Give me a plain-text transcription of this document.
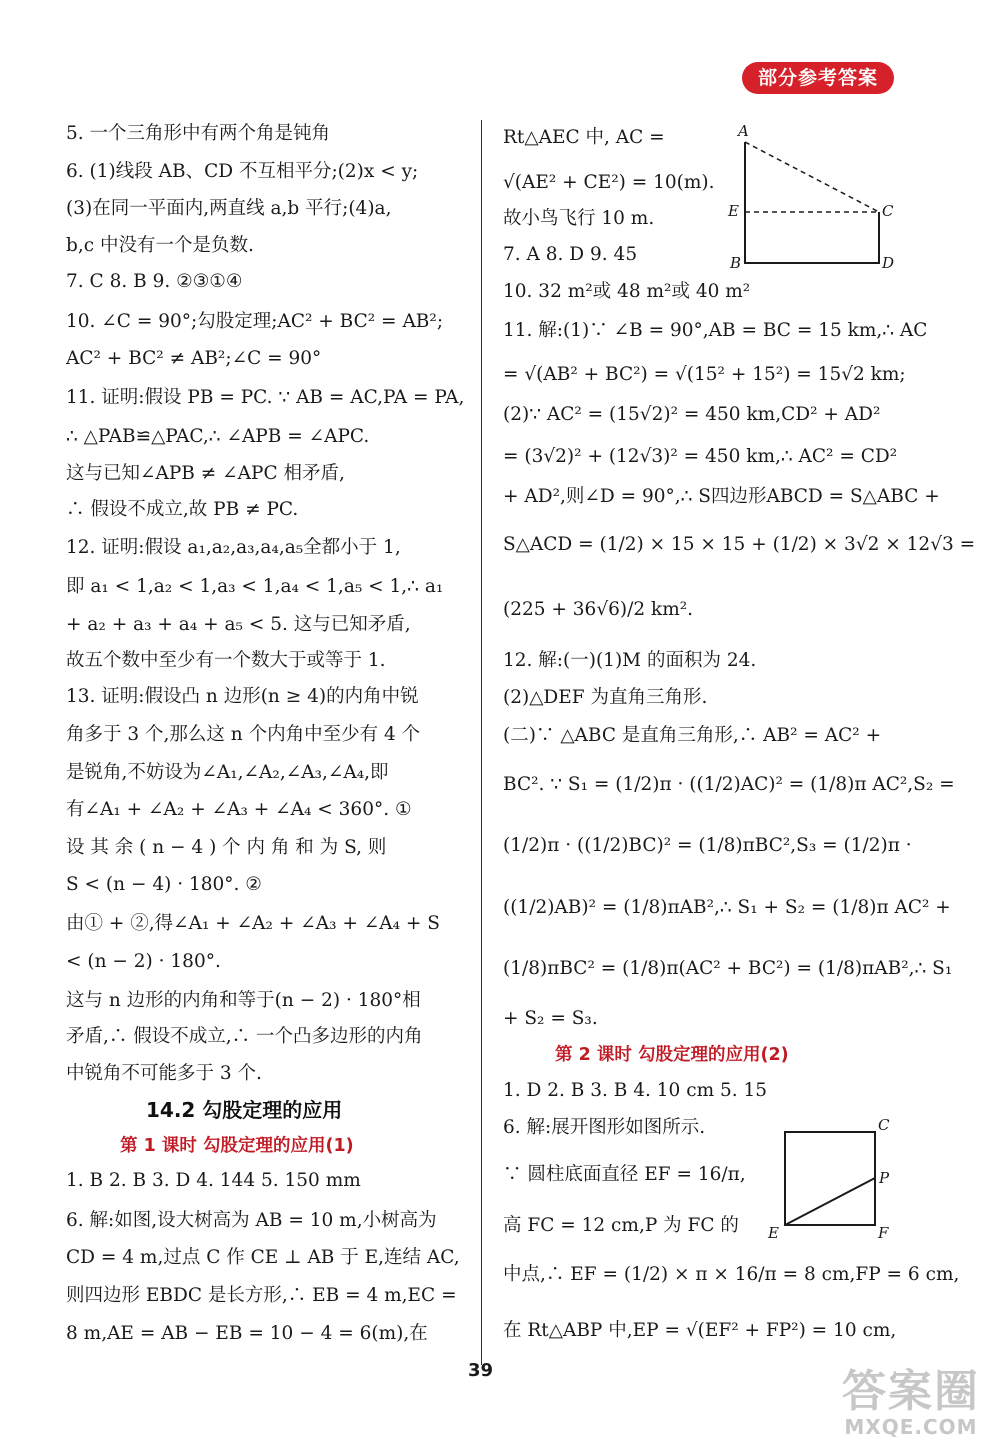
部分参考答案
5. 一个三角形中有两个角是钝角
6. (1)线段 AB、CD 不互相平分;(2)x < y;
(3)在同一平面内,两直线 a,b 平行;(4)a,
b,c 中没有一个是负数.
7. C 8. B 9. ②③①④
10. ∠C = 90°;勾股定理;AC² + BC² = AB²;
AC² + BC² ≠ AB²;∠C = 90°
11. 证明:假设 PB = PC. ∵ AB = AC,PA = PA,
∴ △PAB≌△PAC,∴ ∠APB = ∠APC.
这与已知∠APB ≠ ∠APC 相矛盾,
∴ 假设不成立,故 PB ≠ PC.
12. 证明:假设 a₁,a₂,a₃,a₄,a₅全都小于 1,
即 a₁ < 1,a₂ < 1,a₃ < 1,a₄ < 1,a₅ < 1,∴ a₁
+ a₂ + a₃ + a₄ + a₅ < 5. 这与已知矛盾,
故五个数中至少有一个数大于或等于 1.
13. 证明:假设凸 n 边形(n ≥ 4)的内角中锐
角多于 3 个,那么这 n 个内角中至少有 4 个
是锐角,不妨设为∠A₁,∠A₂,∠A₃,∠A₄,即
有∠A₁ + ∠A₂ + ∠A₃ + ∠A₄ < 360°. ①
设 其 余 ( n − 4 ) 个 内 角 和 为 S, 则
S < (n − 4) · 180°. ②
由① + ②,得∠A₁ + ∠A₂ + ∠A₃ + ∠A₄ + S
< (n − 2) · 180°.
这与 n 边形的内角和等于(n − 2) · 180°相
矛盾,∴ 假设不成立,∴ 一个凸多边形的内角
中锐角不可能多于 3 个.
14.2 勾股定理的应用
第 1 课时 勾股定理的应用(1)
1. B 2. B 3. D 4. 144 5. 150 mm
6. 解:如图,设大树高为 AB = 10 m,小树高为
CD = 4 m,过点 C 作 CE ⊥ AB 于 E,连结 AC,
则四边形 EBDC 是长方形,∴ EB = 4 m,EC =
8 m,AE = AB − EB = 10 − 4 = 6(m),在
Rt△AEC 中, AC =
√(AE² + CE²) = 10(m).
故小鸟飞行 10 m.
7. A 8. D 9. 45
10. 32 m²或 48 m²或 40 m²
11. 解:(1)∵ ∠B = 90°,AB = BC = 15 km,∴ AC
= √(AB² + BC²) = √(15² + 15²) = 15√2 km;
(2)∵ AC² = (15√2)² = 450 km,CD² + AD²
= (3√2)² + (12√3)² = 450 km,∴ AC² = CD²
+ AD²,则∠D = 90°,∴ S四边形ABCD = S△ABC +
S△ACD = (1/2) × 15 × 15 + (1/2) × 3√2 × 12√3 =
(225 + 36√6)/2 km².
12. 解:(一)(1)M 的面积为 24.
(2)△DEF 为直角三角形.
(二)∵ △ABC 是直角三角形,∴ AB² = AC² +
BC². ∵ S₁ = (1/2)π · ((1/2)AC)² = (1/8)π AC²,S₂ =
(1/2)π · ((1/2)BC)² = (1/8)πBC²,S₃ = (1/2)π ·
((1/2)AB)² = (1/8)πAB²,∴ S₁ + S₂ = (1/8)π AC² +
(1/8)πBC² = (1/8)π(AC² + BC²) = (1/8)πAB²,∴ S₁
+ S₂ = S₃.
第 2 课时 勾股定理的应用(2)
1. D 2. B 3. B 4. 10 cm 5. 15
6. 解:展开图形如图所示.
∵ 圆柱底面直径 EF = 16/π,
高 FC = 12 cm,P 为 FC 的
中点,∴ EF = (1/2) × π × 16/π = 8 cm,FP = 6 cm,
在 Rt△ABP 中,EP = √(EF² + FP²) = 10 cm,
A
E	C
B	D
C
P
E	F
39	答案圈
MXQE.COM
